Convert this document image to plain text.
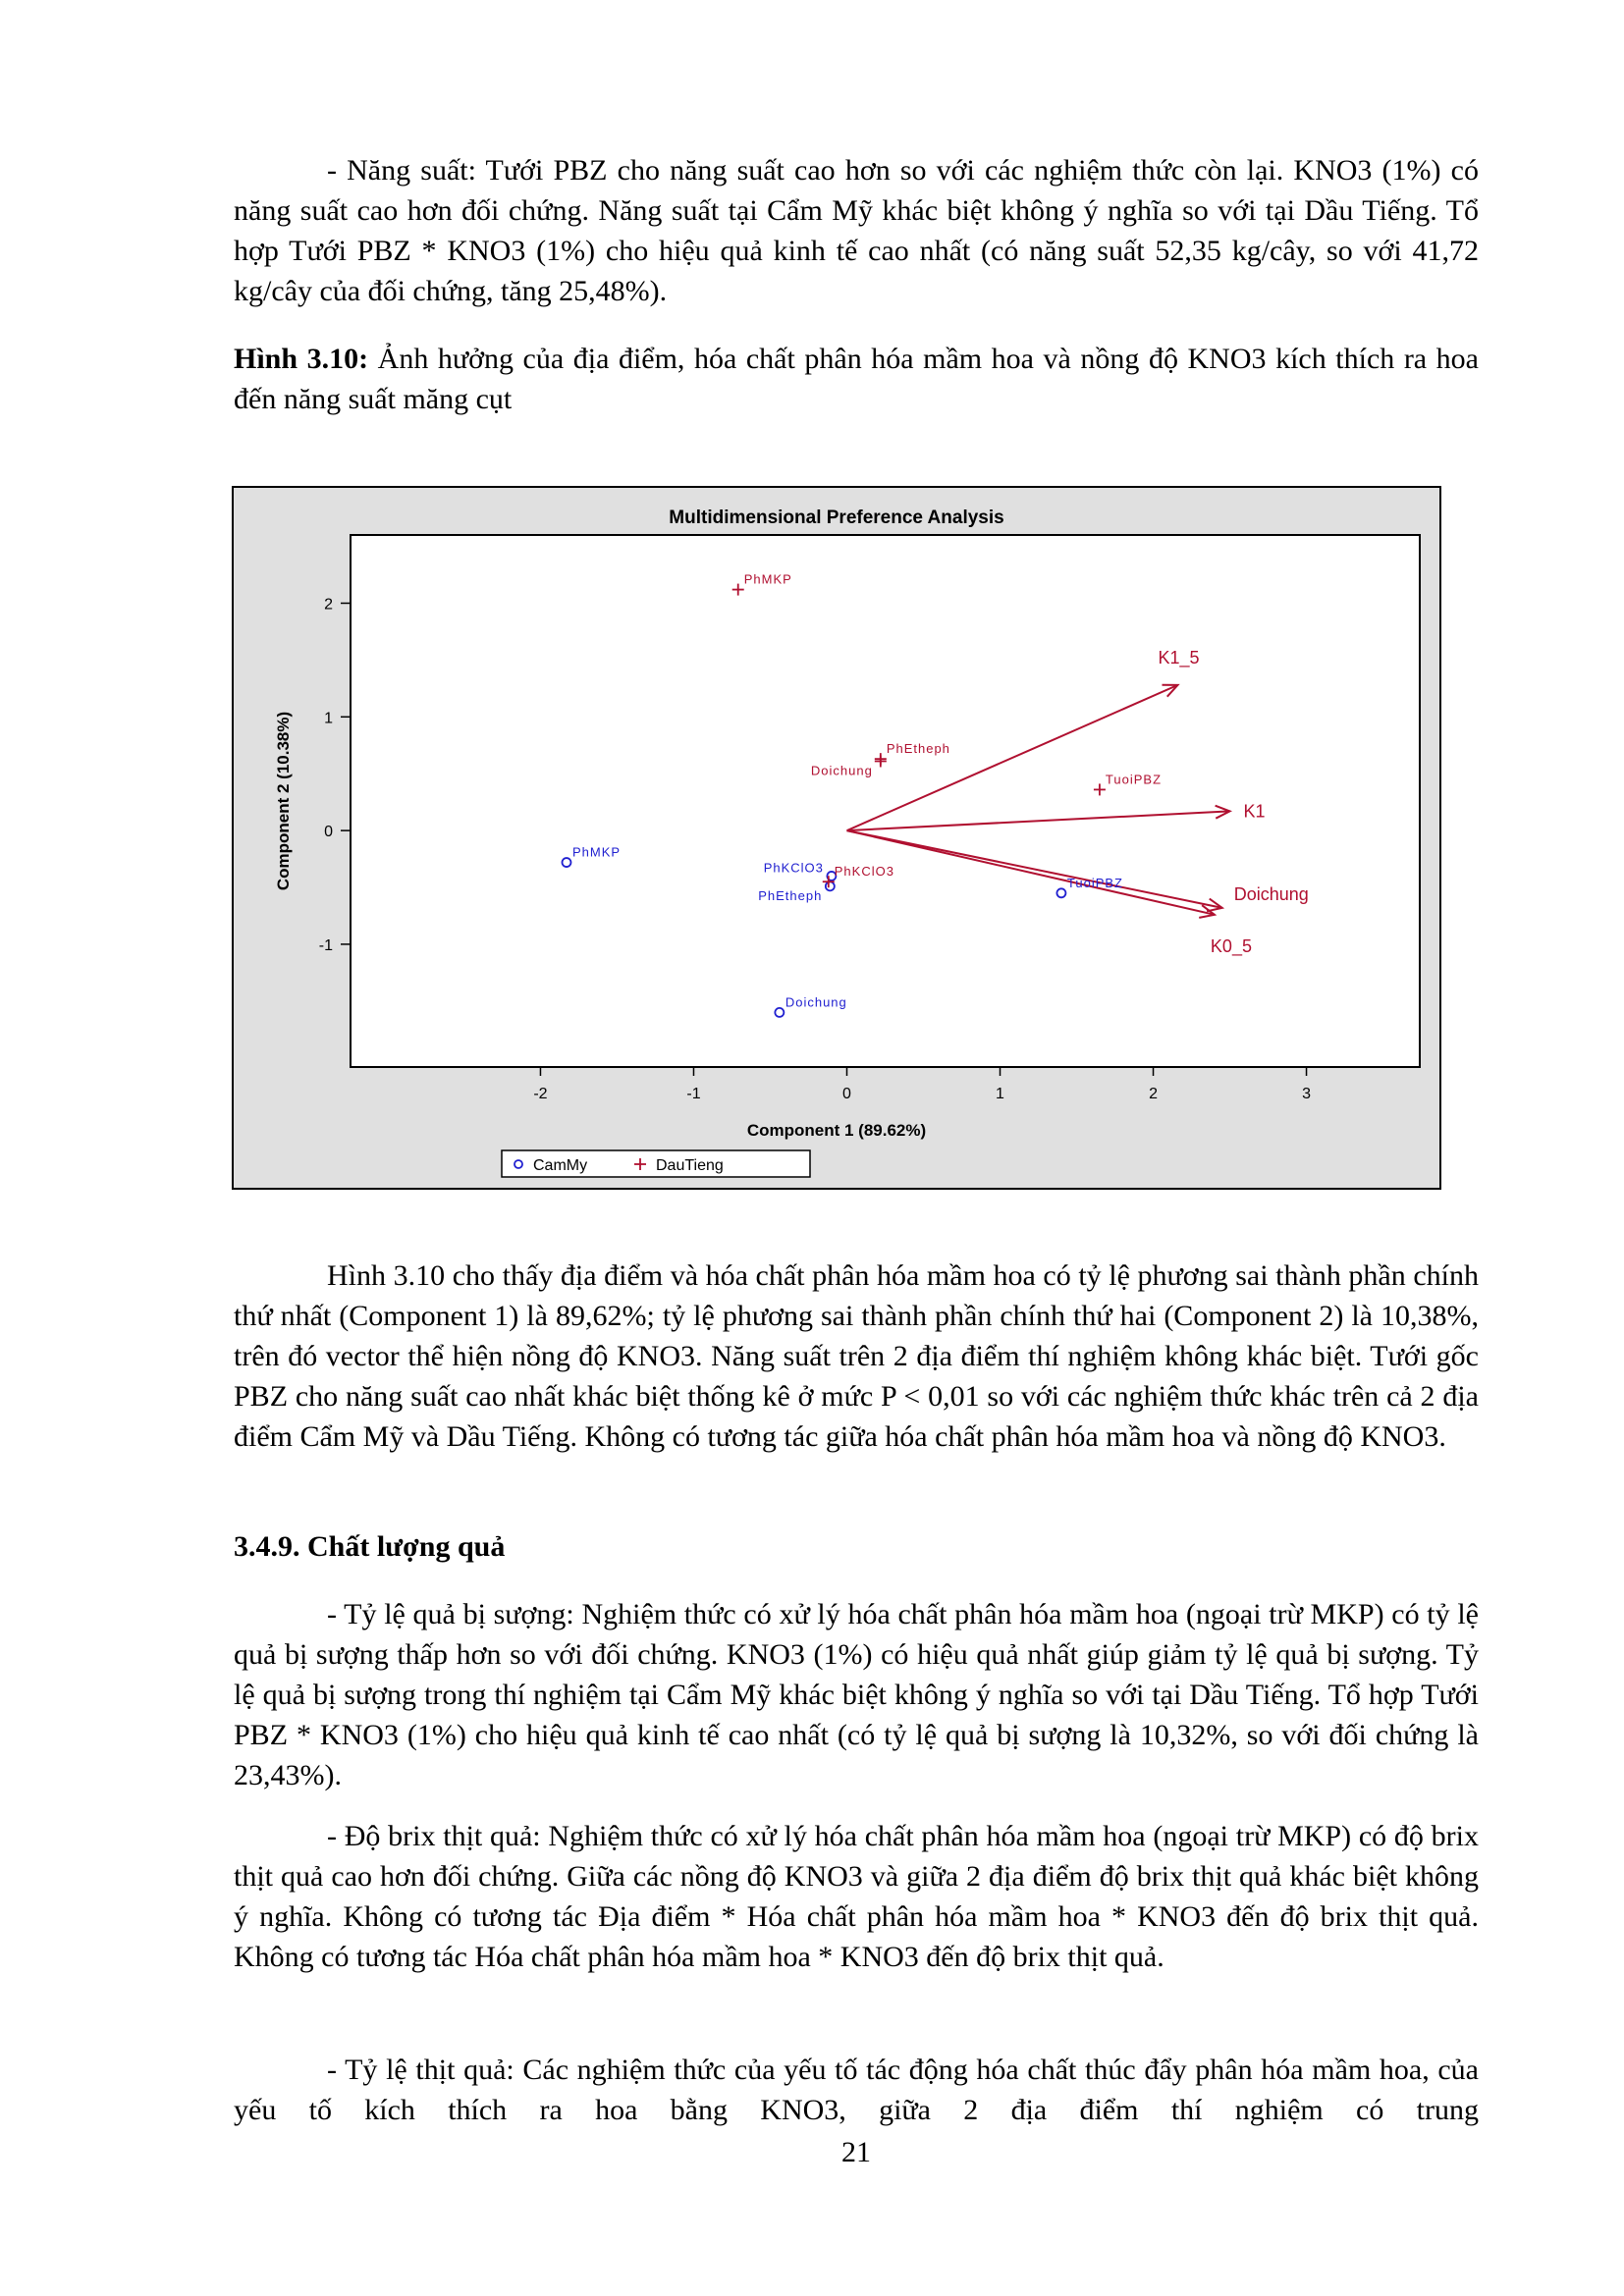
- Năng suất: Tưới PBZ cho năng suất cao hơn so với các nghiệm thức còn lại. KNO3 (1%) có năng suất cao hơn đối chứng. Năng suất tại Cẩm Mỹ khác biệt không ý nghĩa so với tại Dầu Tiếng. Tổ hợp Tưới PBZ * KNO3 (1%) cho hiệu quả kinh tế cao nhất (có năng suất 52,35 kg/cây, so với 41,72 kg/cây của đối chứng, tăng 25,48%).

Hình 3.10: Ảnh hưởng của địa điểm, hóa chất phân hóa mầm hoa và nồng độ KNO3 kích thích ra hoa đến năng suất măng cụt

Hình 3.10 cho thấy địa điểm và hóa chất phân hóa mầm hoa có tỷ lệ phương sai thành phần chính thứ nhất (Component 1) là 89,62%; tỷ lệ phương sai thành phần chính thứ hai (Component 2) là 10,38%, trên đó vector thể hiện nồng độ KNO3. Năng suất trên 2 địa điểm thí nghiệm không khác biệt. Tưới gốc PBZ cho năng suất cao nhất khác biệt thống kê ở mức P < 0,01 so với các nghiệm thức khác trên cả 2 địa điểm Cẩm Mỹ và Dầu Tiếng. Không có tương tác giữa hóa chất phân hóa mầm hoa và nồng độ KNO3.

3.4.9. Chất lượng quả

- Tỷ lệ quả bị sượng: Nghiệm thức có xử lý hóa chất phân hóa mầm hoa (ngoại trừ MKP) có tỷ lệ quả bị sượng thấp hơn so với đối chứng. KNO3 (1%) có hiệu quả nhất giúp giảm tỷ lệ quả bị sượng. Tỷ lệ quả bị sượng trong thí nghiệm tại Cẩm Mỹ khác biệt không ý nghĩa so với tại Dầu Tiếng. Tổ hợp Tưới PBZ * KNO3 (1%) cho hiệu quả kinh tế cao nhất (có tỷ lệ quả bị sượng là 10,32%, so với đối chứng là 23,43%).

- Độ brix thịt quả: Nghiệm thức có xử lý hóa chất phân hóa mầm hoa (ngoại trừ MKP) có độ brix thịt quả cao hơn đối chứng. Giữa các nồng độ KNO3 và giữa 2 địa điểm độ brix thịt quả khác biệt không ý nghĩa. Không có tương tác Địa điểm * Hóa chất phân hóa mầm hoa * KNO3 đến độ brix thịt quả. Không có tương tác Hóa chất phân hóa mầm hoa * KNO3 đến độ brix thịt quả.

- Tỷ lệ thịt quả: Các nghiệm thức của yếu tố tác động hóa chất thúc đẩy phân hóa mầm hoa, của yếu tố kích thích ra hoa bằng KNO3, giữa 2 địa điểm thí nghiệm có trung

21
Multidimensional Preference Analysis
-2	-1	0	1	2	3
-1
0
1
2
Component 1 (89.62%)
Component 2 (10.38%)
K1_5
K1
Doichung
K0_5
PhMKP
PhKClO3
PhEtheph
TuoiPBZ
Doichung
PhMKP
PhEtheph
Doichung
TuoiPBZ
PhKClO3
CamMy	DauTieng
